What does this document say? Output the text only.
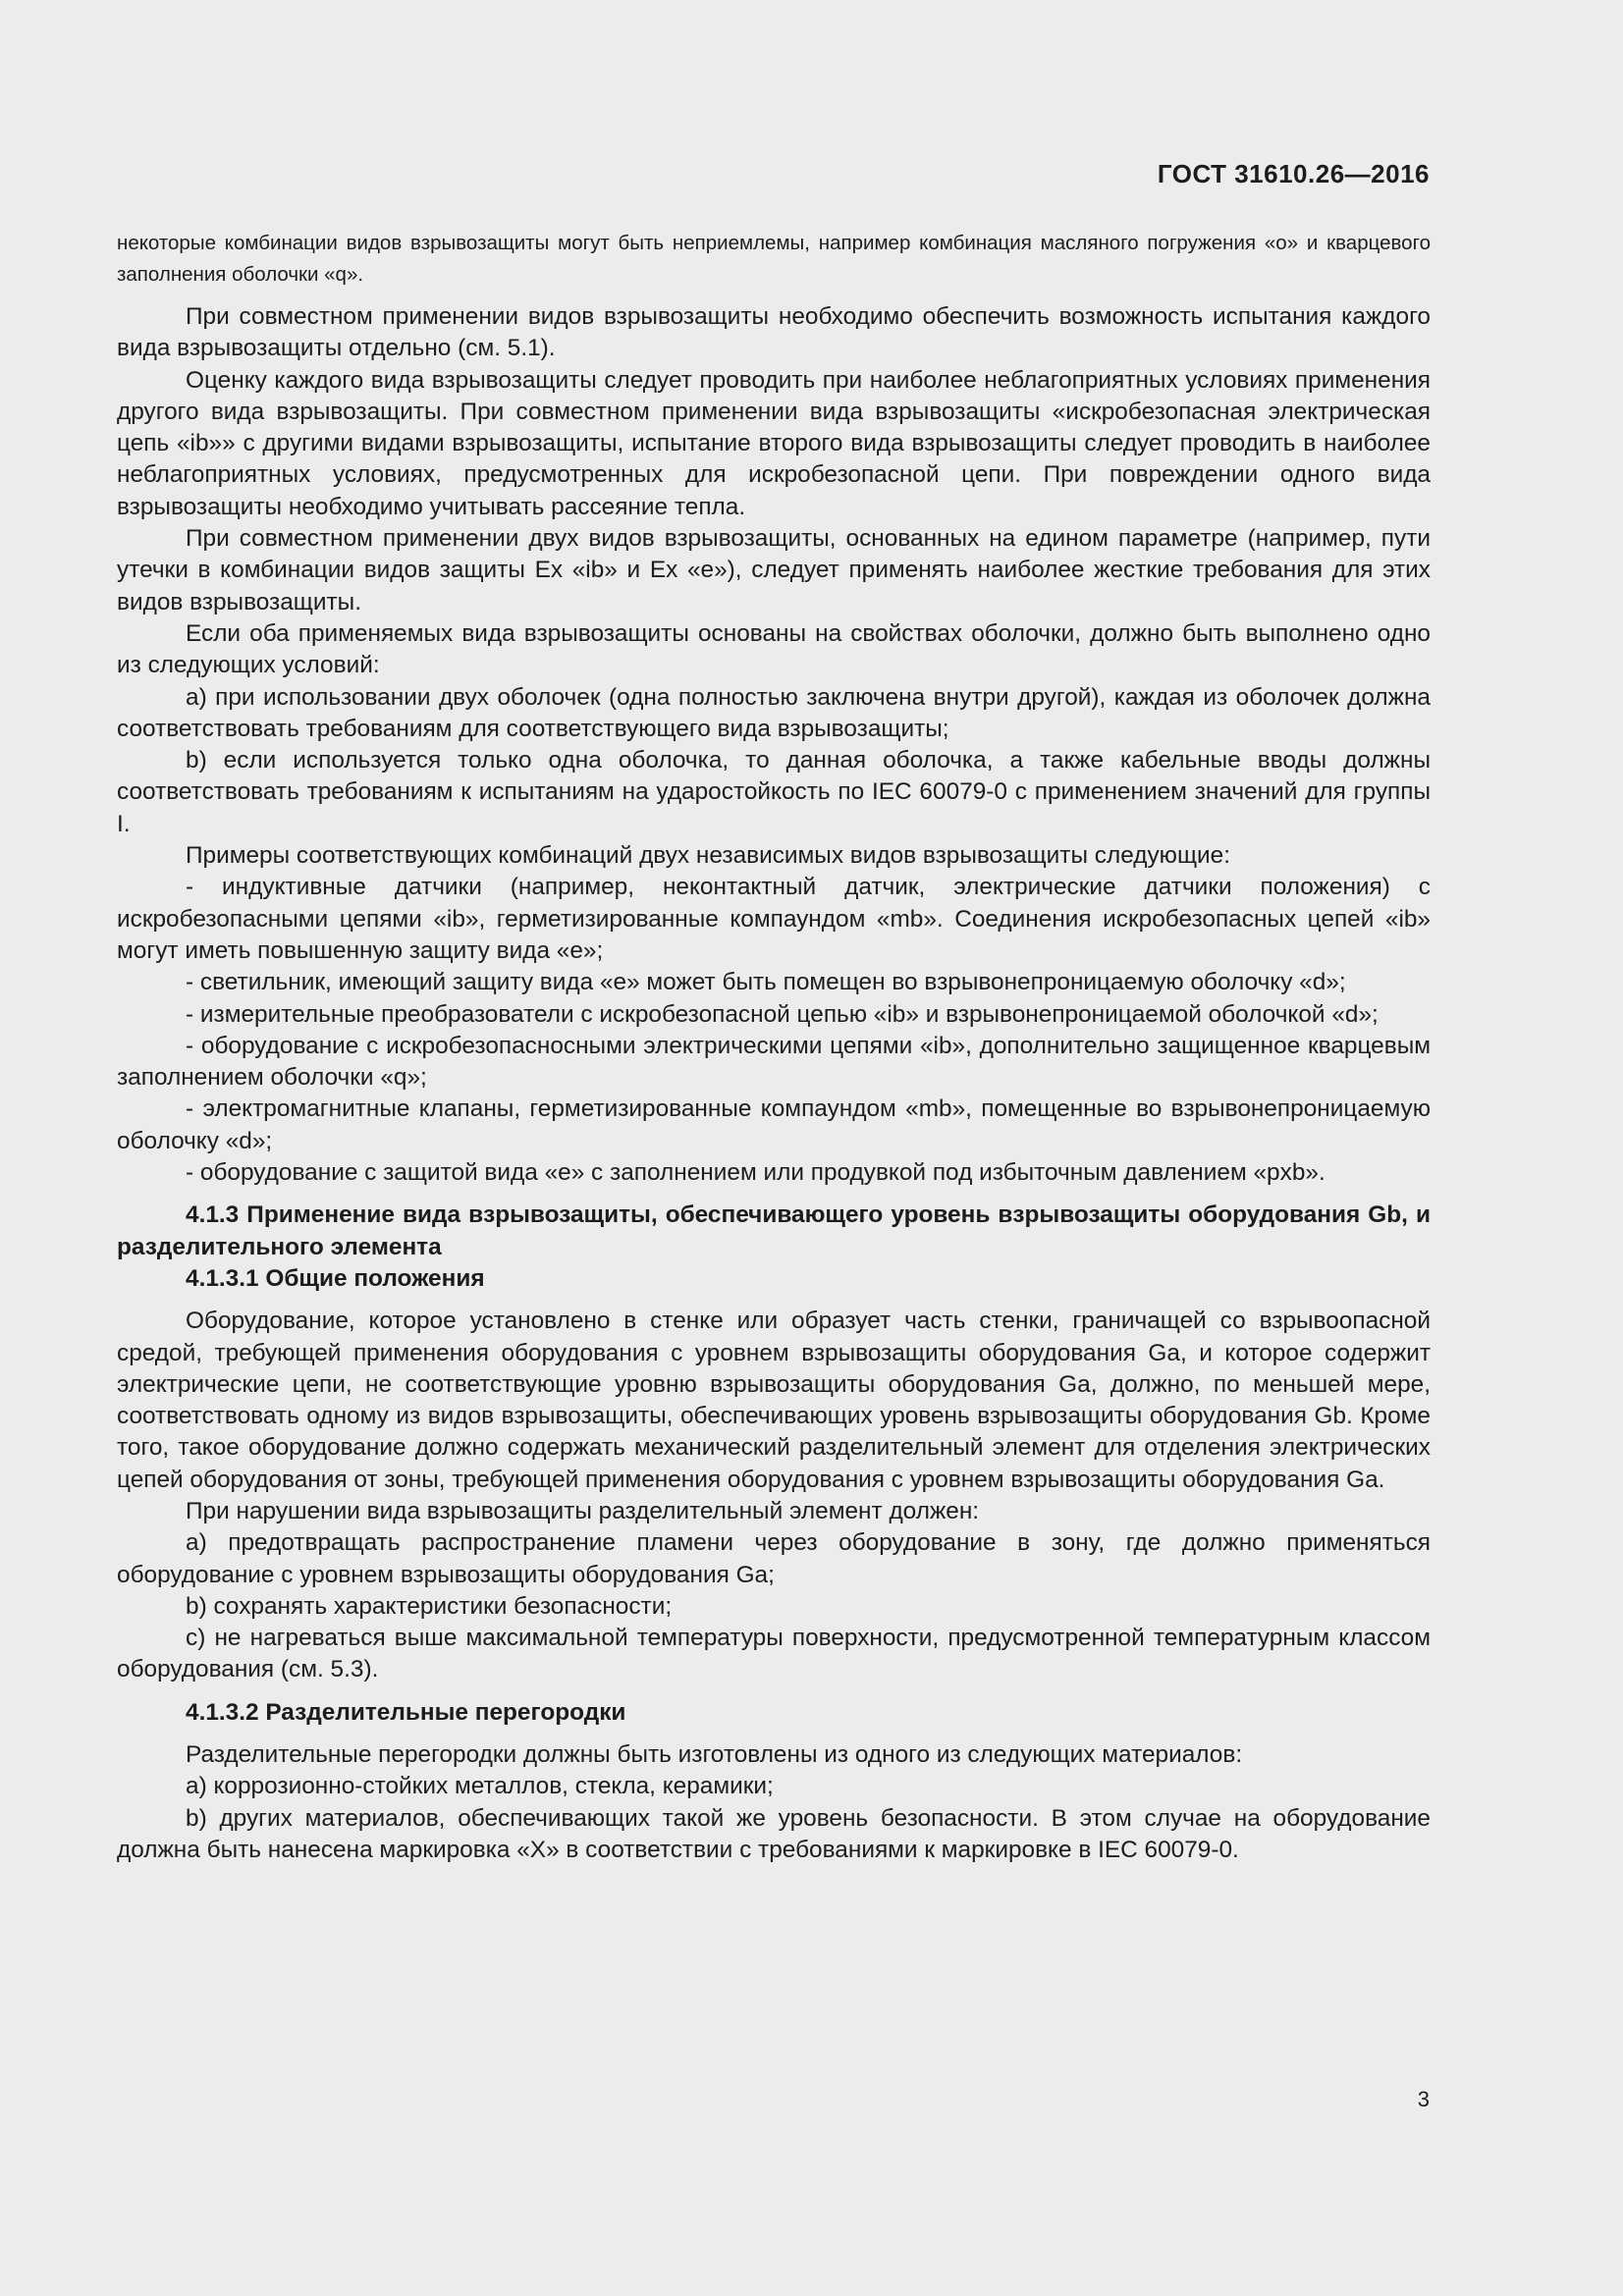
ГОСТ 31610.26—2016

некоторые комбинации видов взрывозащиты могут быть неприемлемы, например комбинация масляного погружения «о» и кварцевого заполнения оболочки «q».

При совместном применении видов взрывозащиты необходимо обеспечить возможность испытания каждого вида взрывозащиты отдельно (см. 5.1).

Оценку каждого вида взрывозащиты следует проводить при наиболее неблагоприятных условиях применения другого вида взрывозащиты. При совместном применении вида взрывозащиты «искробезопасная электрическая цепь «ib»» с другими видами взрывозащиты, испытание второго вида взрывозащиты следует проводить в наиболее неблагоприятных условиях, предусмотренных для искробезопасной цепи. При повреждении одного вида взрывозащиты необходимо учитывать рассеяние тепла.

При совместном применении двух видов взрывозащиты, основанных на едином параметре (например, пути утечки в комбинации видов защиты Ex «ib» и Ex «e»), следует применять наиболее жесткие требования для этих видов взрывозащиты.

Если оба применяемых вида взрывозащиты основаны на свойствах оболочки, должно быть выполнено одно из следующих условий:

a) при использовании двух оболочек (одна полностью заключена внутри другой), каждая из оболочек должна соответствовать требованиям для соответствующего вида взрывозащиты;

b) если используется только одна оболочка, то данная оболочка, а также кабельные вводы должны соответствовать требованиям к испытаниям на ударостойкость по IEC 60079-0 с применением значений для группы I.

Примеры соответствующих комбинаций двух независимых видов взрывозащиты следующие:

- индуктивные датчики (например, неконтактный датчик, электрические датчики положения) с искробезопасными цепями «ib», герметизированные компаундом «mb». Соединения искробезопасных цепей «ib» могут иметь повышенную защиту вида «e»;

- светильник, имеющий защиту вида «е» может быть помещен во взрывонепроницаемую оболочку «d»;

- измерительные преобразователи с искробезопасной цепью «ib» и взрывонепроницаемой оболочкой «d»;

- оборудование с искробезопасносными электрическими цепями «ib», дополнительно защищенное кварцевым заполнением оболочки «q»;

- электромагнитные клапаны, герметизированные компаундом «mb», помещенные во взрывонепроницаемую оболочку «d»;

- оборудование с защитой вида «е» с заполнением или продувкой под избыточным давлением «pxb».

4.1.3 Применение вида взрывозащиты, обеспечивающего уровень взрывозащиты оборудования Gb, и разделительного элемента

4.1.3.1 Общие положения

Оборудование, которое установлено в стенке или образует часть стенки, граничащей со взрывоопасной средой, требующей применения оборудования с уровнем взрывозащиты оборудования Ga, и которое содержит электрические цепи, не соответствующие уровню взрывозащиты оборудования Ga, должно, по меньшей мере, соответствовать одному из видов взрывозащиты, обеспечивающих уровень взрывозащиты оборудования Gb. Кроме того, такое оборудование должно содержать механический разделительный элемент для отделения электрических цепей оборудования от зоны, требующей применения оборудования с уровнем взрывозащиты оборудования Ga.

При нарушении вида взрывозащиты разделительный элемент должен:

a) предотвращать распространение пламени через оборудование в зону, где должно применяться оборудование с уровнем взрывозащиты оборудования Ga;

b) сохранять характеристики безопасности;

c) не нагреваться выше максимальной температуры поверхности, предусмотренной температурным классом оборудования (см. 5.3).

4.1.3.2 Разделительные перегородки

Разделительные перегородки должны быть изготовлены из одного из следующих материалов:

a) коррозионно-стойких металлов, стекла, керамики;

b) других материалов, обеспечивающих такой же уровень безопасности. В этом случае на оборудование должна быть нанесена маркировка «X» в соответствии с требованиями к маркировке в IEC 60079-0.

3
